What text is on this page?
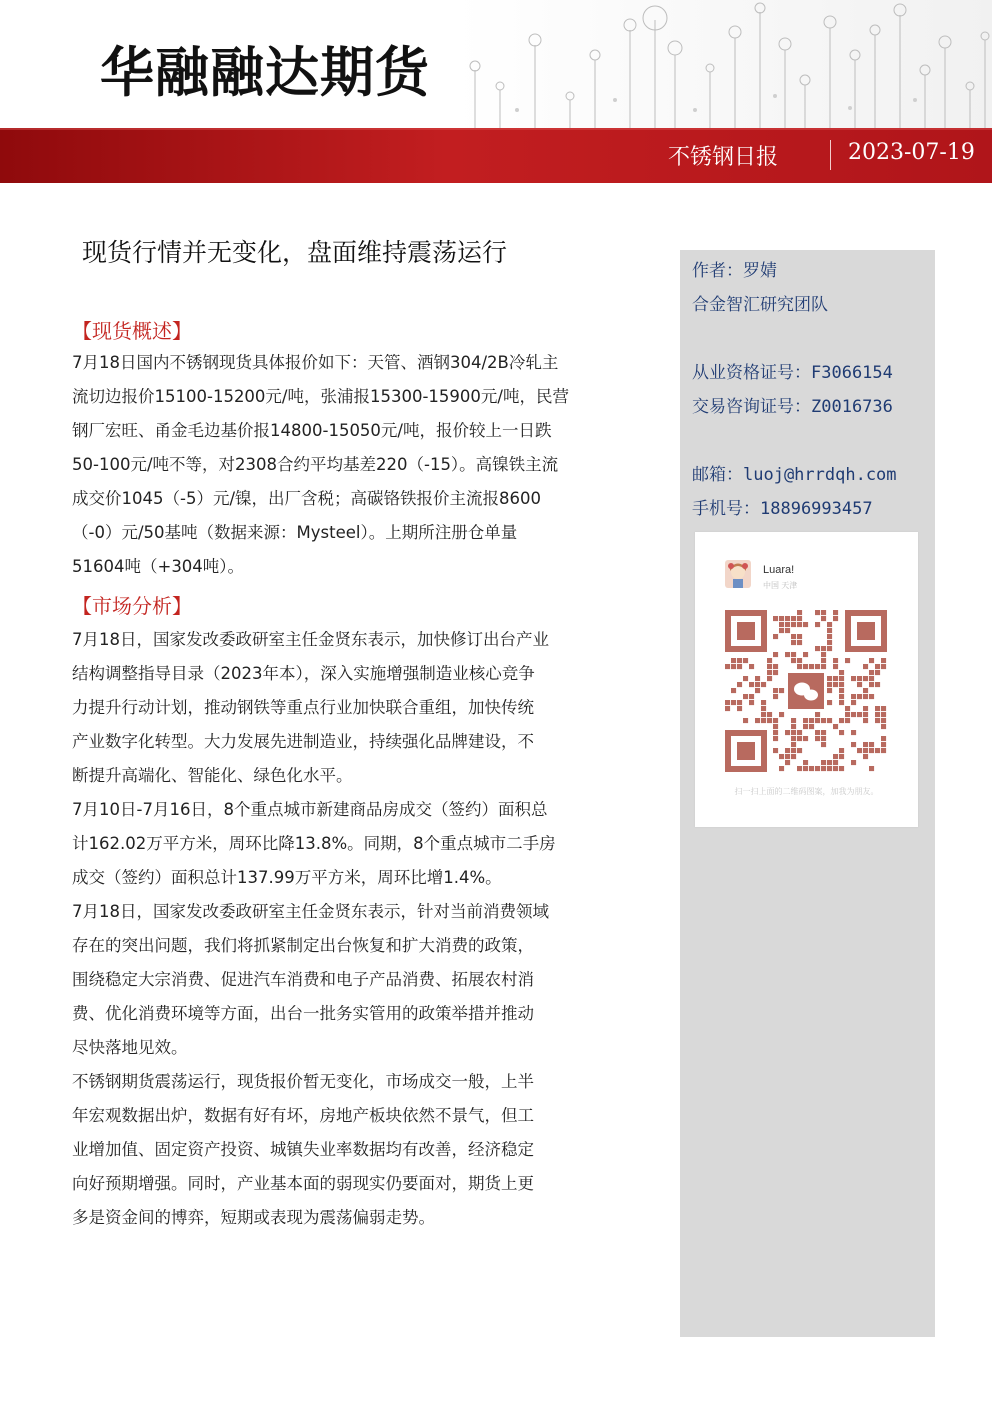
华融融达期货
不锈钢日报	2023-07-19
现货行情并无变化，盘面维持震荡运行
【现货概述】
7月18日国内不锈钢现货具体报价如下：天管、酒钢304/2B冷轧主
流切边报价15100-15200元/吨，张浦报15300-15900元/吨，民营
钢厂宏旺、甬金毛边基价报14800-15050元/吨，报价较上一日跌
50-100元/吨不等，对2308合约平均基差220（-15）。高镍铁主流
成交价1045（-5）元/镍，出厂含税；高碳铬铁报价主流报8600
（-0）元/50基吨（数据来源：Mysteel）。上期所注册仓单量
51604吨（+304吨）。
【市场分析】
7月18日，国家发改委政研室主任金贤东表示，加快修订出台产业
结构调整指导目录（2023年本），深入实施增强制造业核心竞争
力提升行动计划，推动钢铁等重点行业加快联合重组，加快传统
产业数字化转型。大力发展先进制造业，持续强化品牌建设，不
断提升高端化、智能化、绿色化水平。
7月10日-7月16日，8个重点城市新建商品房成交（签约）面积总
计162.02万平方米，周环比降13.8%。同期，8个重点城市二手房
成交（签约）面积总计137.99万平方米，周环比增1.4%。
7月18日，国家发改委政研室主任金贤东表示，针对当前消费领域
存在的突出问题，我们将抓紧制定出台恢复和扩大消费的政策，
围绕稳定大宗消费、促进汽车消费和电子产品消费、拓展农村消
费、优化消费环境等方面，出台一批务实管用的政策举措并推动
尽快落地见效。
不锈钢期货震荡运行，现货报价暂无变化，市场成交一般，上半
年宏观数据出炉，数据有好有坏，房地产板块依然不景气，但工
业增加值、固定资产投资、城镇失业率数据均有改善，经济稳定
向好预期增强。同时，产业基本面的弱现实仍要面对，期货上更
多是资金间的博弈，短期或表现为震荡偏弱走势。
作者：罗婧
合金智汇研究团队
从业资格证号：F3066154
交易咨询证号：Z0016736
邮箱：luoj@hrrdqh.com
手机号：18896993457
Luara!
中国 天津
扫一扫上面的二维码图案，加我为朋友。
